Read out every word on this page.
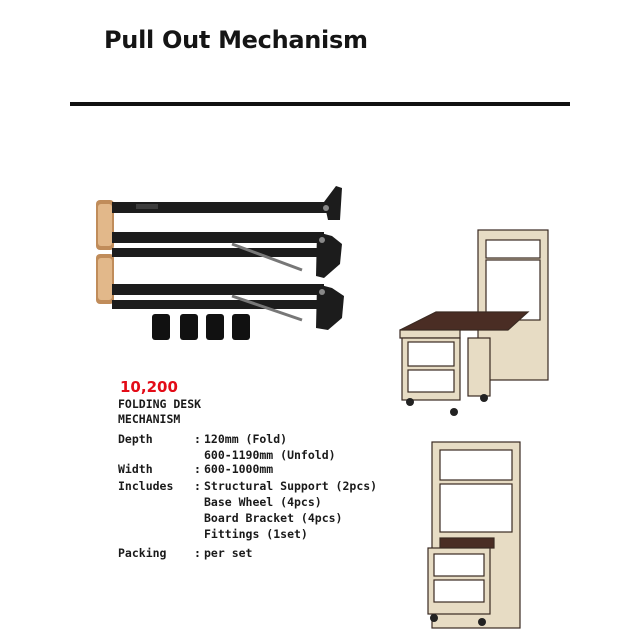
Pull Out Mechanism
10,200
FOLDING DESK
MECHANISM
Depth	: 120mm (Fold)
600-1190mm (Unfold)
Width	: 600-1000mm
Includes	: Structural Support (2pcs)
Base Wheel (4pcs)
Board Bracket (4pcs)
Fittings (1set)
Packing	: per set
